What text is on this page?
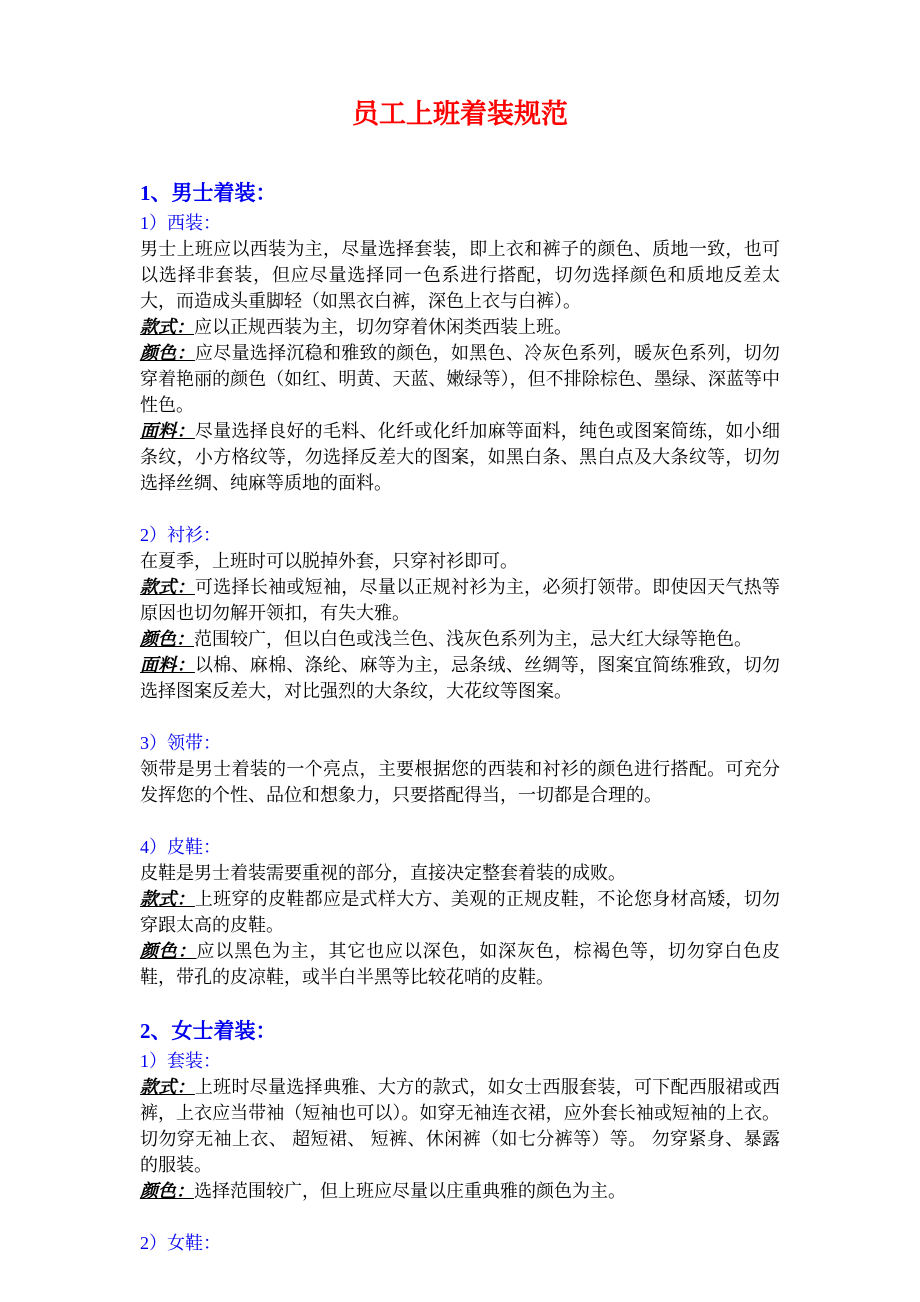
员工上班着装规范
1、男士着装：
1）西装：

男士上班应以西装为主，尽量选择套装，即上衣和裤子的颜色、质地一致，也可以选择非套装，但应尽量选择同一色系进行搭配，切勿选择颜色和质地反差太大，而造成头重脚轻（如黑衣白裤，深色上衣与白裤）。

款式：应以正规西装为主，切勿穿着休闲类西装上班。

颜色：应尽量选择沉稳和雅致的颜色，如黑色、冷灰色系列，暖灰色系列，切勿穿着艳丽的颜色（如红、明黄、天蓝、嫩绿等），但不排除棕色、墨绿、深蓝等中性色。

面料：尽量选择良好的毛料、化纤或化纤加麻等面料，纯色或图案简练，如小细条纹，小方格纹等，勿选择反差大的图案，如黑白条、黑白点及大条纹等，切勿选择丝绸、纯麻等质地的面料。

2）衬衫：

在夏季，上班时可以脱掉外套，只穿衬衫即可。

款式：可选择长袖或短袖，尽量以正规衬衫为主，必须打领带。即使因天气热等原因也切勿解开领扣，有失大雅。

颜色：范围较广，但以白色或浅兰色、浅灰色系列为主，忌大红大绿等艳色。

面料：以棉、麻棉、涤纶、麻等为主，忌条绒、丝绸等，图案宜简练雅致，切勿选择图案反差大，对比强烈的大条纹，大花纹等图案。

3）领带：

领带是男士着装的一个亮点，主要根据您的西装和衬衫的颜色进行搭配。可充分发挥您的个性、品位和想象力，只要搭配得当，一切都是合理的。

4）皮鞋：

皮鞋是男士着装需要重视的部分，直接决定整套着装的成败。

款式：上班穿的皮鞋都应是式样大方、美观的正规皮鞋，不论您身材高矮，切勿穿跟太高的皮鞋。

颜色：应以黑色为主，其它也应以深色，如深灰色，棕褐色等，切勿穿白色皮鞋，带孔的皮凉鞋，或半白半黑等比较花哨的皮鞋。

2、女士着装：
1）套装：

款式：上班时尽量选择典雅、大方的款式，如女士西服套装，可下配西服裙或西裤，上衣应当带袖（短袖也可以）。如穿无袖连衣裙，应外套长袖或短袖的上衣。 切勿穿无袖上衣、 超短裙、 短裤、休闲裤（如七分裤等）等。 勿穿紧身、暴露的服装。

颜色：选择范围较广，但上班应尽量以庄重典雅的颜色为主。

2）女鞋：
